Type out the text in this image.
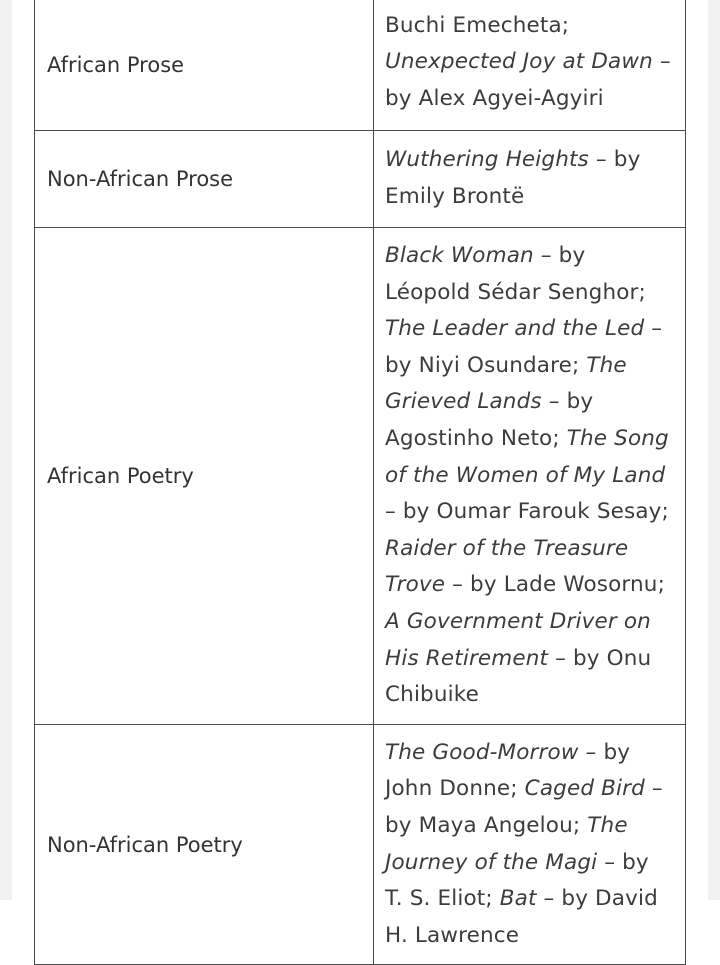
African Prose	Buchi Emecheta; Unexpected Joy at Dawn – by Alex Agyei-Agyiri
Non-African Prose	Wuthering Heights – by Emily Brontë
African Poetry	Black Woman – by Léopold Sédar Senghor; The Leader and the Led – by Niyi Osundare; The Grieved Lands – by Agostinho Neto; The Song of the Women of My Land – by Oumar Farouk Sesay; Raider of the Treasure Trove – by Lade Wosornu; A Government Driver on His Retirement – by Onu Chibuike
Non-African Poetry	The Good-Morrow – by John Donne; Caged Bird – by Maya Angelou; The Journey of the Magi – by T. S. Eliot; Bat – by David H. Lawrence
